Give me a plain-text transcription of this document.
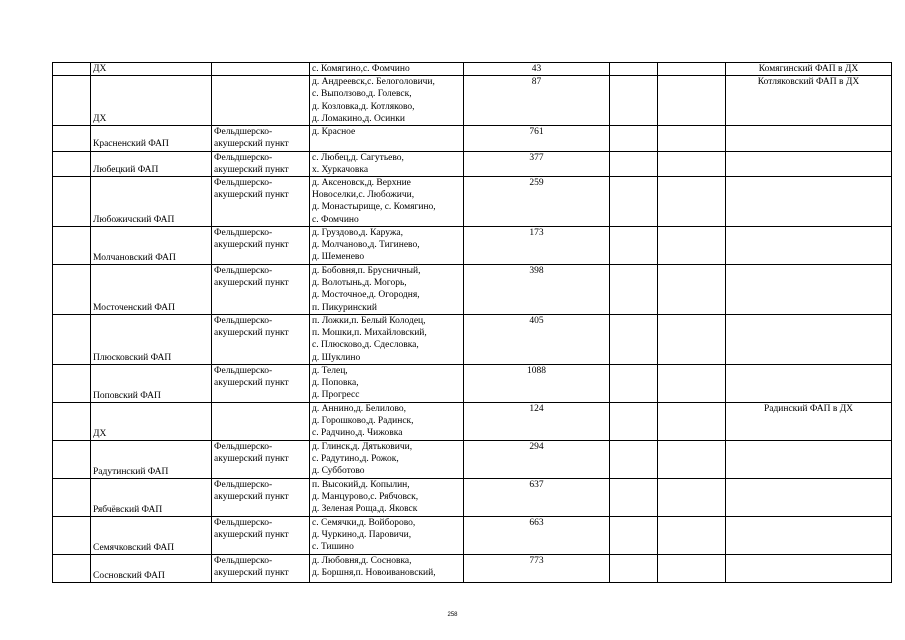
	ДХ		с. Комягино,с. Фомчино	43			Комягинский ФАП в ДХ
	ДХ		д. Андреевск,с. Белоголовичи,
с. Выползово,д. Голевск,
д. Козловка,д. Котляково,
д. Ломакино,д. Осинки	87			Котляковский ФАП в ДХ
	Красненский ФАП	Фельдшерско-
акушерский пункт	д. Красное	761			
	Любецкий ФАП	Фельдшерско-
акушерский пункт	с. Любец,д. Сагутьево,
х. Хуркачовка	377			
	Любожичский ФАП	Фельдшерско-
акушерский пункт	д. Аксеновск,д. Верхние
Новоселки,с. Любожичи,
д. Монастырище, с. Комягино,
с. Фомчино	259			
	Молчановский ФАП	Фельдшерско-
акушерский пункт	д. Груздово,д. Каружа,
д. Молчаново,д. Тигинево,
д. Шеменево	173			
	Мосточенский ФАП	Фельдшерско-
акушерский пункт	д. Бобовня,п. Брусничный,
д. Волотынь,д. Могорь,
д. Мосточное,д. Огородня,
п. Пикуринский	398			
	Плюсковский ФАП	Фельдшерско-
акушерский пункт	п. Ложки,п. Белый Колодец,
п. Мошки,п. Михайловский,
с. Плюсково,д. Сдесловка,
д. Шуклино	405			
	Поповский ФАП	Фельдшерско-
акушерский пункт	д. Телец,
д. Поповка,
д. Прогресс	1088			
	ДХ		д. Аннино,д. Белилово,
д. Горошково,д. Радинск,
с. Радчино,д. Чижовка	124			Радинский ФАП в ДХ
	Радутинский ФАП	Фельдшерско-
акушерский пункт	д. Глинск,д. Дятьковичи,
с. Радутино,д. Рожок,
д. Субботово	294			
	Рябчёвский ФАП	Фельдшерско-
акушерский пункт	п. Высокий,д. Копылин,
д. Манцурово,с. Рябчовск,
д. Зеленая Роща,д. Яковск	637			
	Семячковский ФАП	Фельдшерско-
акушерский пункт	с. Семячки,д. Войборово,
д. Чуркино,д. Паровичи,
с. Тишино	663			
	Сосновский ФАП	Фельдшерско-
акушерский пункт	д. Любовня,д. Сосновка,
д. Боршня,п. Новоивановский,	773			
258
